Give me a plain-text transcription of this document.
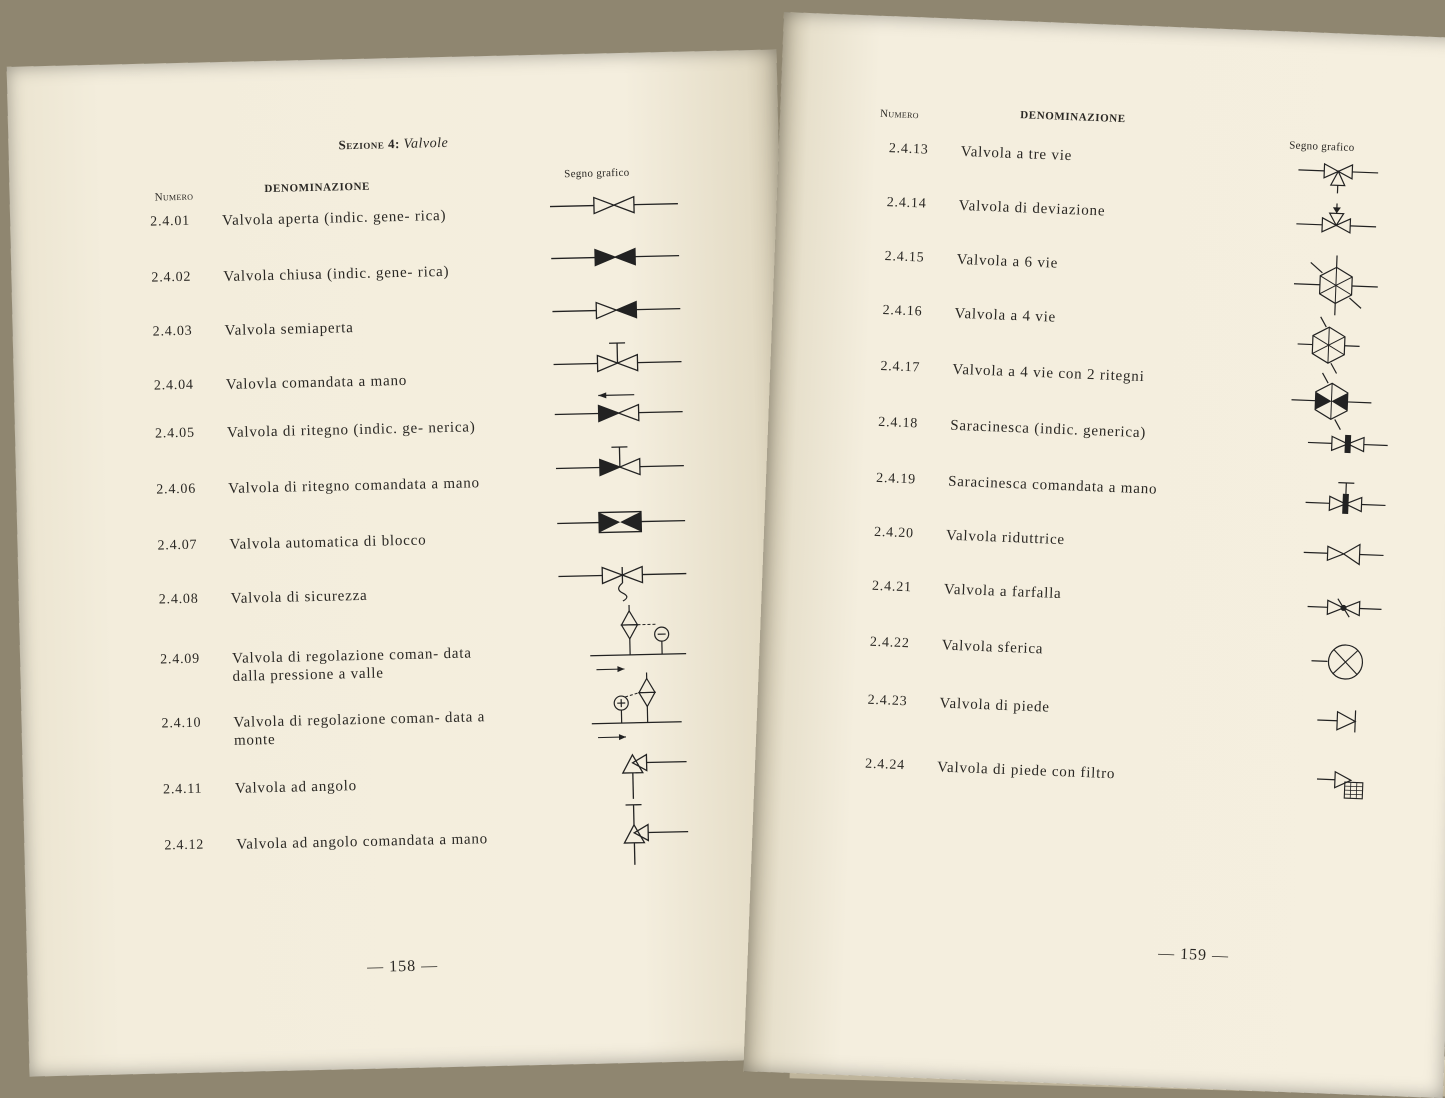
Sezione 4: Valvole
Numero
DENOMINAZIONE
Segno grafico
2.4.01 Valvola aperta (indic. gene- rica)
2.4.02 Valvola chiusa (indic. gene- rica)
2.4.03 Valvola semiaperta
2.4.04 Valovla comandata a mano
2.4.05 Valvola di ritegno (indic. ge- nerica)
2.4.06 Valvola di ritegno comandata a mano
2.4.07 Valvola automatica di blocco
2.4.08 Valvola di sicurezza
2.4.09 Valvola di regolazione coman- data dalla pressione a valle
2.4.10 Valvola di regolazione coman- data a monte
2.4.11 Valvola ad angolo
2.4.12 Valvola ad angolo comandata a mano
— 158 —
Numero	DENOMINAZIONE
Segno grafico
2.4.13 Valvola a tre vie
2.4.14 Valvola di deviazione
2.4.15 Valvola a 6 vie
2.4.16 Valvola a 4 vie
2.4.17 Valvola a 4 vie con 2 ritegni
2.4.18 Saracinesca (indic. generica)
2.4.19 Saracinesca comandata a mano
2.4.20 Valvola riduttrice
2.4.21 Valvola a farfalla
2.4.22 Valvola sferica
2.4.23 Valvola di piede
2.4.24 Valvola di piede con filtro
— 159 —
